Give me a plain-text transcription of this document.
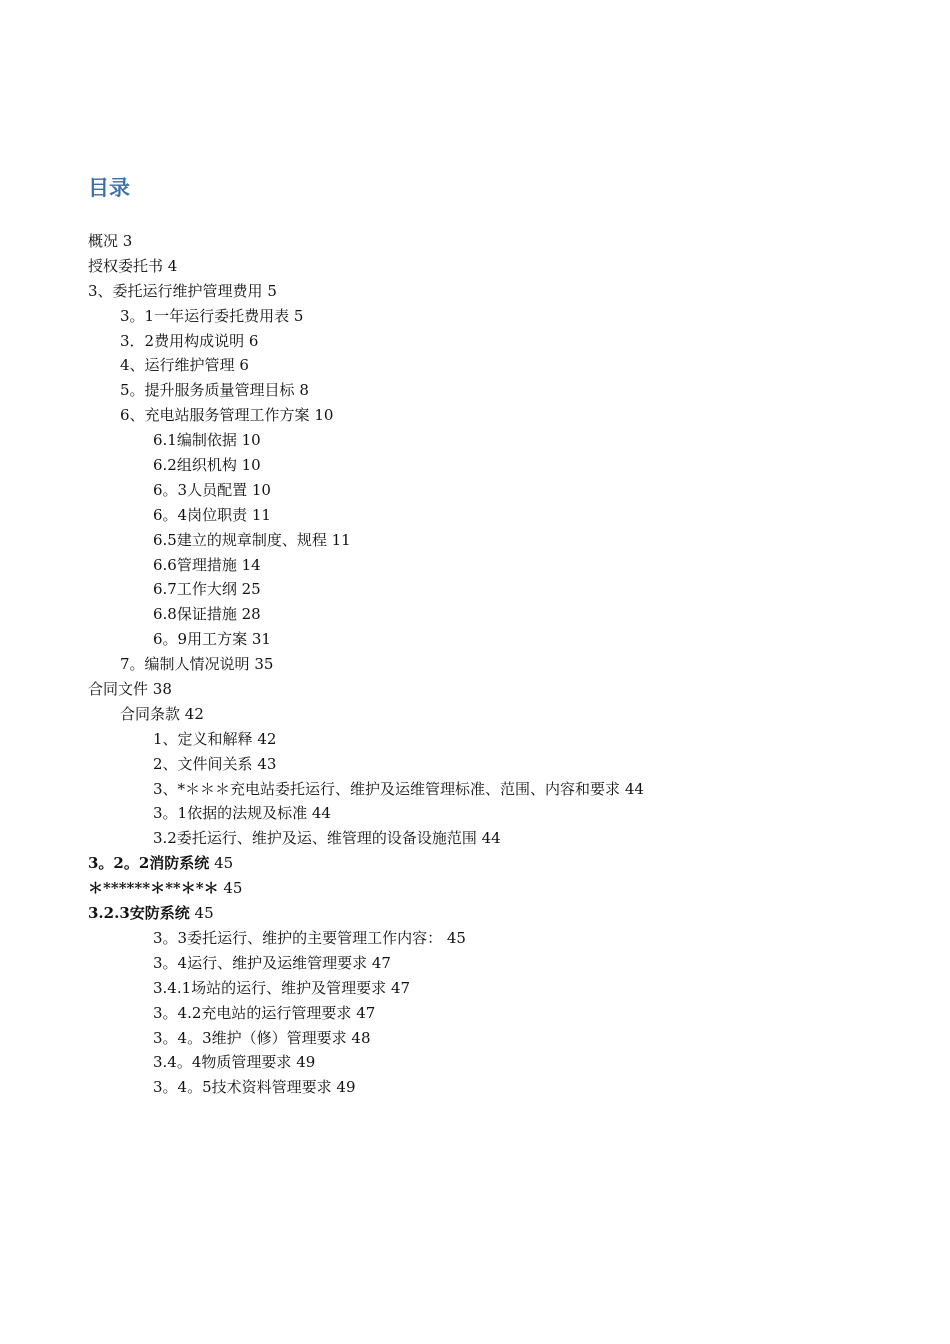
目录
概况 3
授权委托书 4
3、委托运行维护管理费用 5
3。1一年运行委托费用表 5
3．2费用构成说明 6
4、运行维护管理 6
5。提升服务质量管理目标 8
6、充电站服务管理工作方案 10
6.1编制依据 10
6.2组织机构 10
6。3人员配置 10
6。4岗位职责 11
6.5建立的规章制度、规程 11
6.6管理措施 14
6.7工作大纲 25
6.8保证措施 28
6。9用工方案 31
7。编制人情况说明 35
合同文件 38
合同条款 42
1、定义和解释 42
2、文件间关系 43
3、*＊＊＊充电站委托运行、维护及运维管理标准、范围、内容和要求 44
3。1依据的法规及标准 44
3.2委托运行、维护及运、维管理的设备设施范围 44
3。2。2消防系统 45
＊******＊**＊*＊ 45
3.2.3安防系统 45
3。3委托运行、维护的主要管理工作内容： 45
3。4运行、维护及运维管理要求 47
3.4.1场站的运行、维护及管理要求 47
3。4.2充电站的运行管理要求 47
3。4。3维护（修）管理要求 48
3.4。4物质管理要求 49
3。4。5技术资料管理要求 49
